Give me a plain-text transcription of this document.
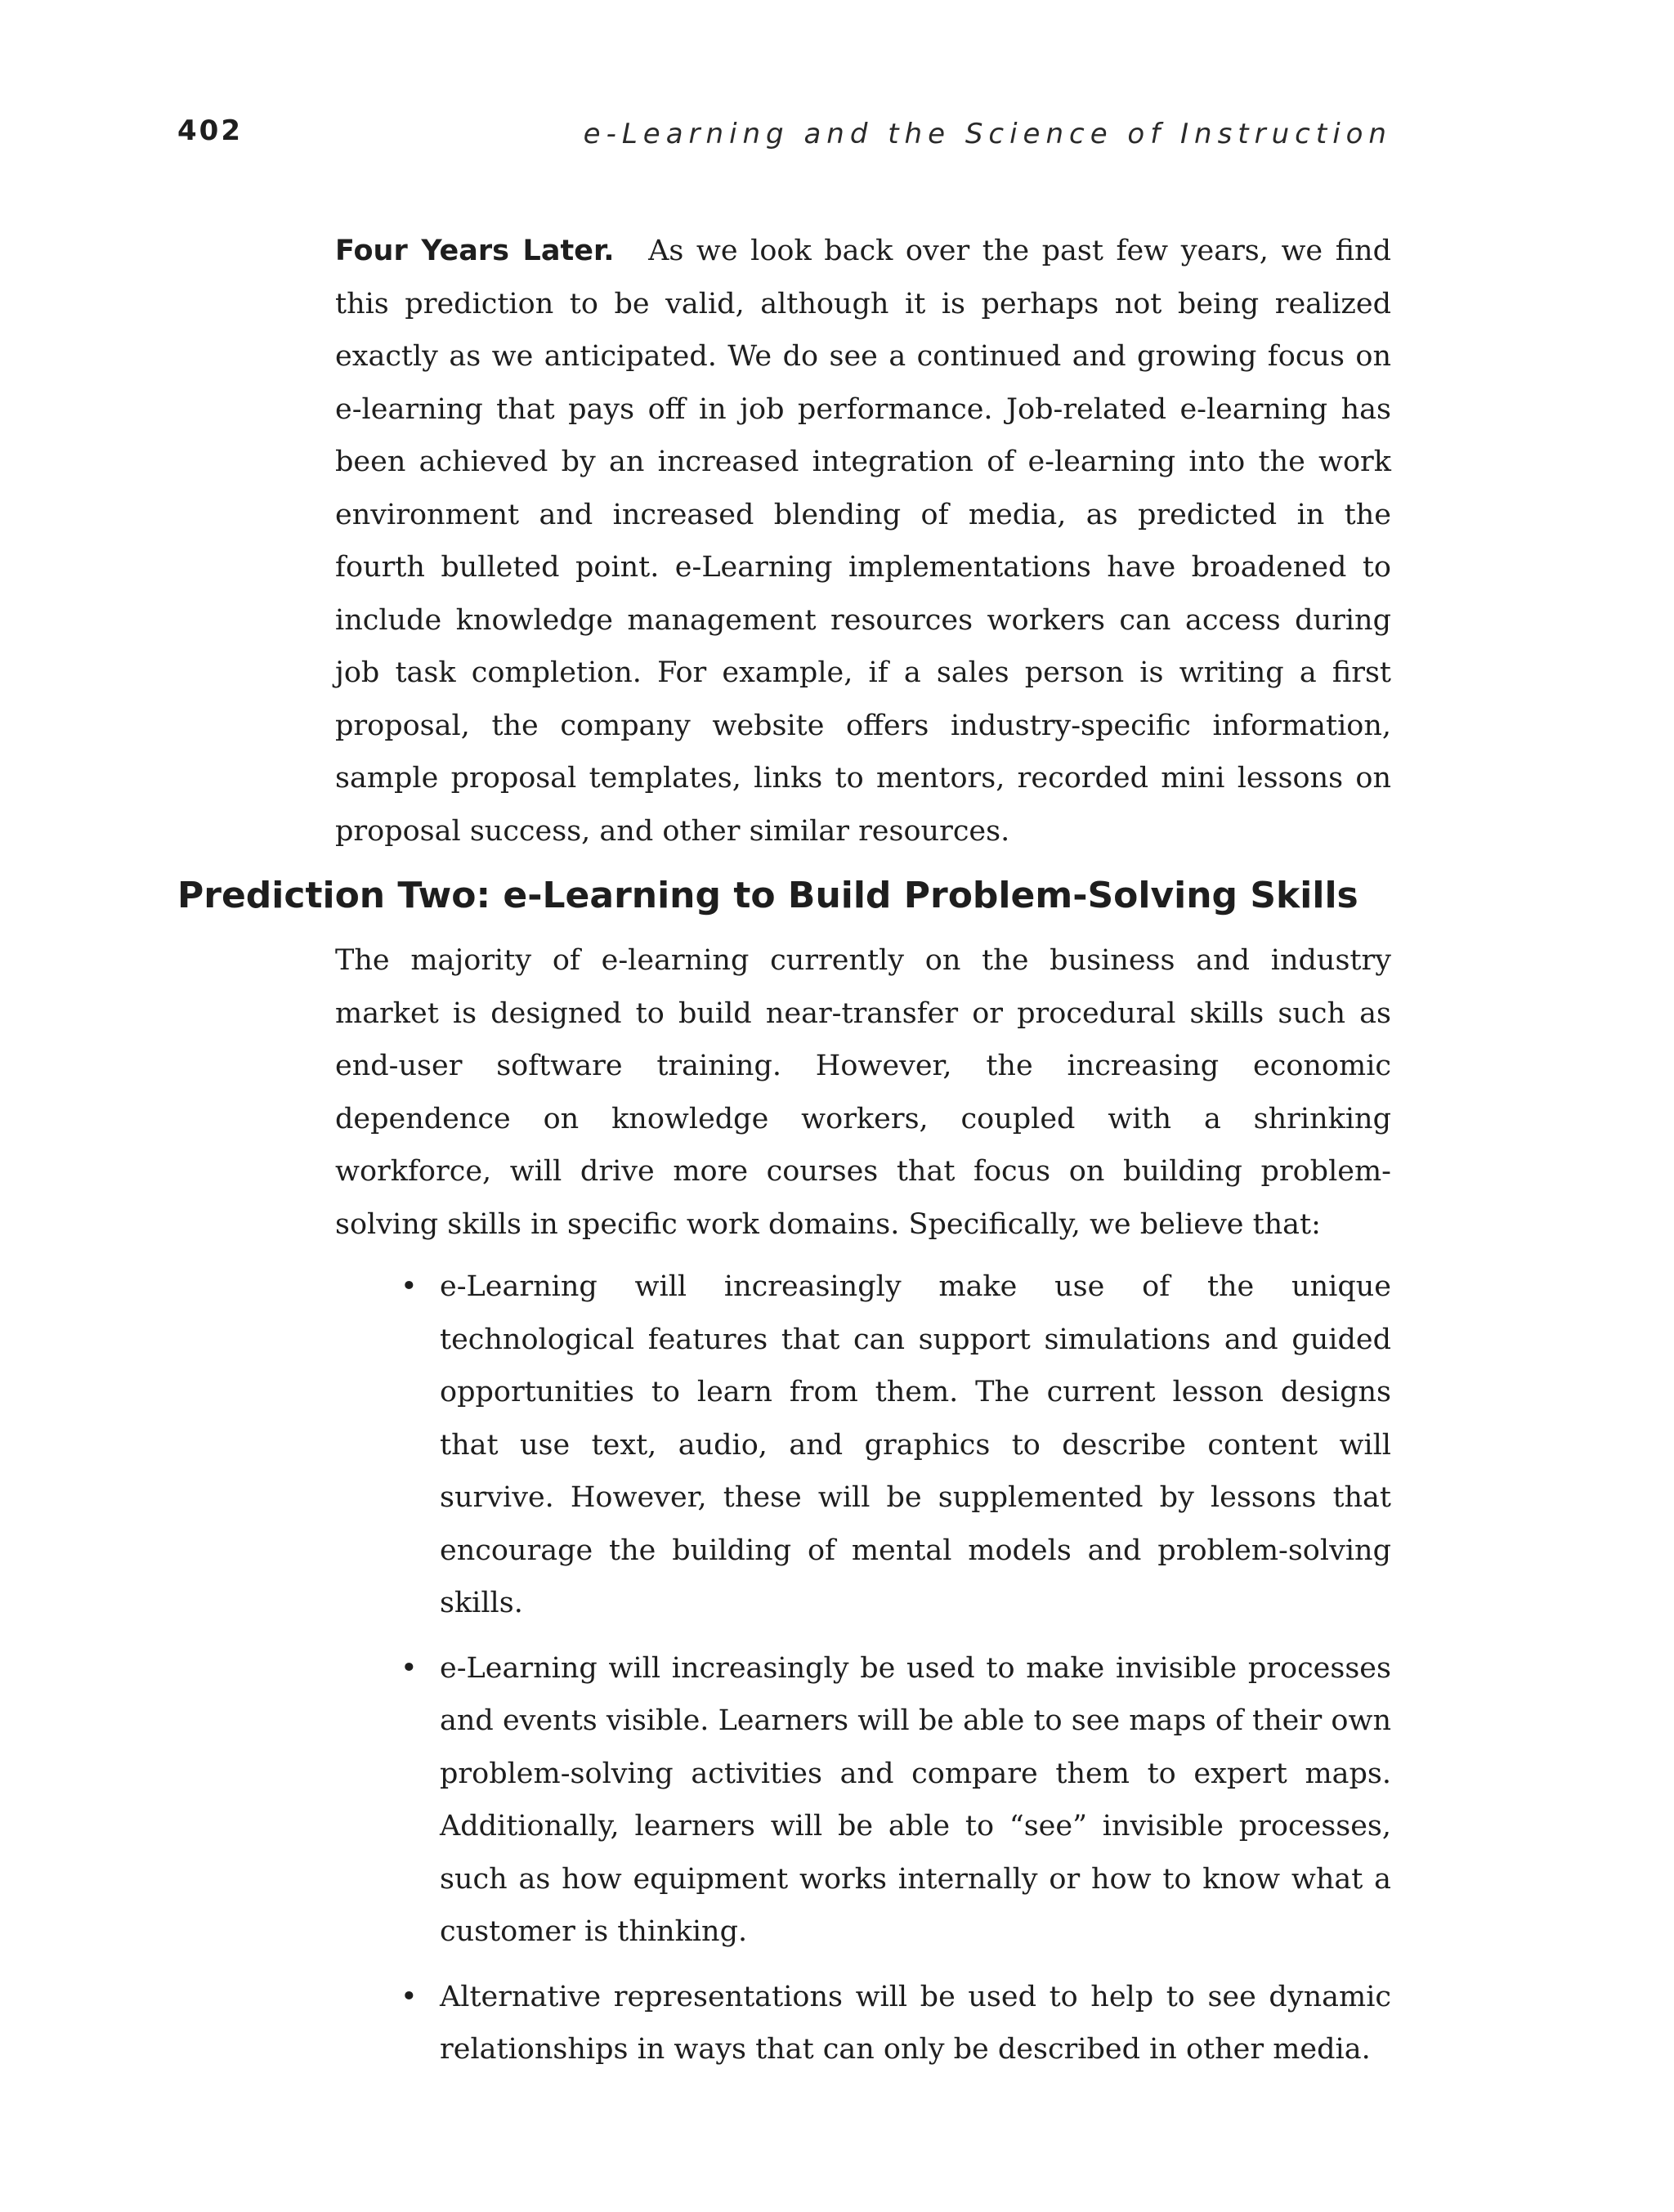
402	e-Learning and the Science of Instruction

Four Years Later. As we look back over the past few years, we find this prediction to be valid, although it is perhaps not being realized exactly as we anticipated. We do see a continued and growing focus on e-learning that pays off in job performance. Job-related e-learning has been achieved by an increased integration of e-learning into the work environment and increased blending of media, as predicted in the fourth bulleted point. e-Learning implementations have broadened to include knowledge management resources workers can access during job task completion. For example, if a sales person is writing a first proposal, the company website offers industry-specific information, sample proposal templates, links to mentors, recorded mini lessons on proposal success, and other similar resources.

Prediction Two: e-Learning to Build Problem-Solving Skills

The majority of e-learning currently on the business and industry market is designed to build near-transfer or procedural skills such as end-user software training. However, the increasing economic dependence on knowledge workers, coupled with a shrinking workforce, will drive more courses that focus on building problem-solving skills in specific work domains. Specifically, we believe that:

• e-Learning will increasingly make use of the unique technological features that can support simulations and guided opportunities to learn from them. The current lesson designs that use text, audio, and graphics to describe content will survive. However, these will be supplemented by lessons that encourage the building of mental models and problem-solving skills.
• e-Learning will increasingly be used to make invisible processes and events visible. Learners will be able to see maps of their own problem-solving activities and compare them to expert maps. Additionally, learners will be able to “see” invisible processes, such as how equipment works internally or how to know what a customer is thinking.
• Alternative representations will be used to help to see dynamic relationships in ways that can only be described in other media.
